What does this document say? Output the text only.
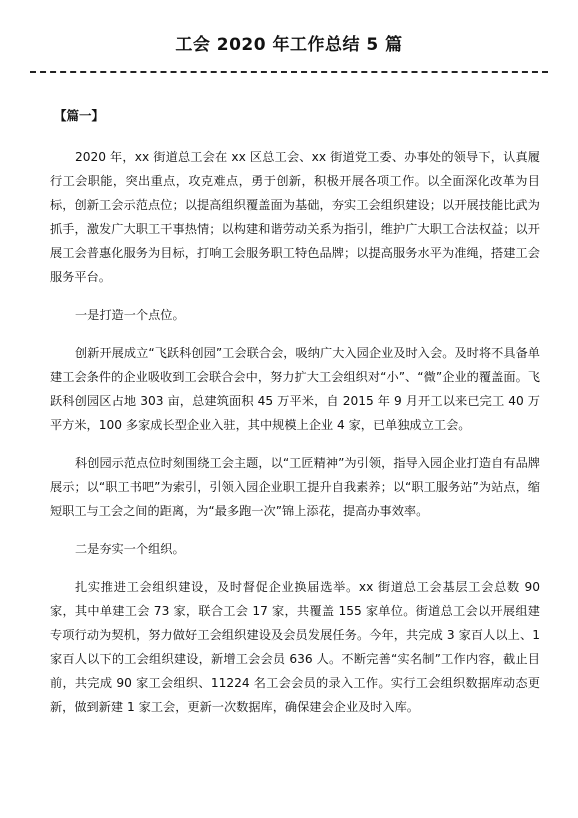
工会 2020 年工作总结 5 篇
【篇一】

2020 年，xx 街道总工会在 xx 区总工会、xx 街道党工委、办事处的领导下，认真履行工会职能，突出重点，攻克难点，勇于创新，积极开展各项工作。以全面深化改革为目标，创新工会示范点位；以提高组织覆盖面为基础，夯实工会组织建设；以开展技能比武为抓手，激发广大职工干事热情；以构建和谐劳动关系为指引，维护广大职工合法权益；以开展工会普惠化服务为目标，打响工会服务职工特色品牌；以提高服务水平为准绳，搭建工会服务平台。

一是打造一个点位。

创新开展成立“飞跃科创园”工会联合会，吸纳广大入园企业及时入会。及时将不具备单建工会条件的企业吸收到工会联合会中，努力扩大工会组织对“小”、“微”企业的覆盖面。飞跃科创园区占地 303 亩，总建筑面积 45 万平米，自 2015 年 9 月开工以来已完工 40 万平方米，100 多家成长型企业入驻，其中规模上企业 4 家，已单独成立工会。

科创园示范点位时刻围绕工会主题，以“工匠精神”为引领，指导入园企业打造自有品牌展示；以“职工书吧”为索引，引领入园企业职工提升自我素养；以“职工服务站”为站点，缩短职工与工会之间的距离，为“最多跑一次”锦上添花，提高办事效率。

二是夯实一个组织。

扎实推进工会组织建设，及时督促企业换届选举。xx 街道总工会基层工会总数 90 家，其中单建工会 73 家，联合工会 17 家，共覆盖 155 家单位。街道总工会以开展组建专项行动为契机，努力做好工会组织建设及会员发展任务。今年，共完成 3 家百人以上、1 家百人以下的工会组织建设，新增工会会员 636 人。不断完善“实名制”工作内容，截止目前，共完成 90 家工会组织、11224 名工会会员的录入工作。实行工会组织数据库动态更新，做到新建 1 家工会，更新一次数据库，确保建会企业及时入库。
